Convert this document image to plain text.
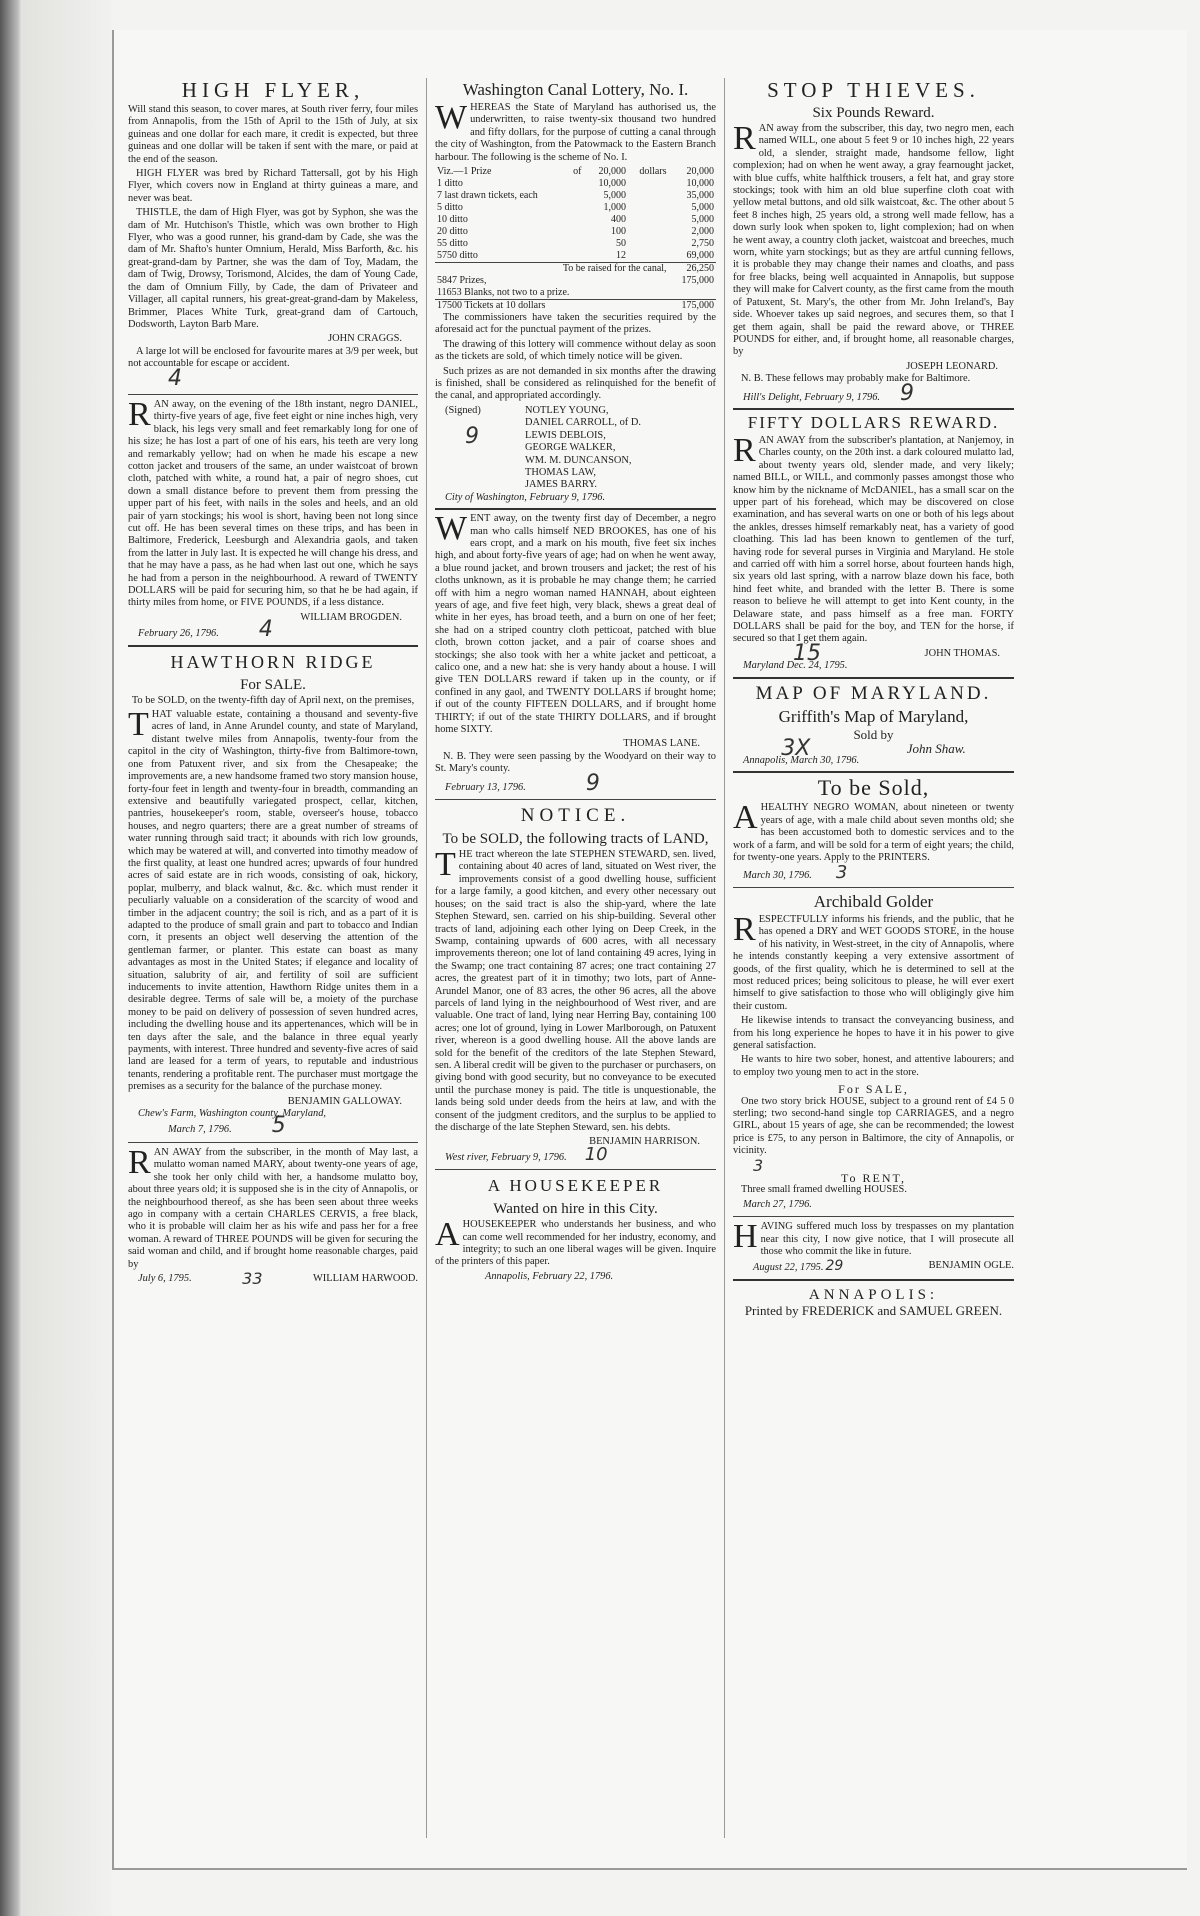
HIGH FLYER,

Will stand this season, to cover mares, at South river ferry, four miles from Annapolis, from the 15th of April to the 15th of July, at six guineas and one dollar for each mare, it credit is expected, but three guineas and one dollar will be taken if sent with the mare, or paid at the end of the season.

HIGH FLYER was bred by Richard Tattersall, got by his High Flyer, which covers now in England at thirty guineas a mare, and never was beat.

THISTLE, the dam of High Flyer, was got by Syphon, she was the dam of Mr. Hutchison's Thistle, which was own brother to High Flyer, who was a good runner, his grand-dam by Cade, she was the dam of Mr. Shafto's hunter Omnium, Herald, Miss Barforth, &c. his great-grand-dam by Partner, she was the dam of Toy, Madam, the dam of Twig, Drowsy, Torismond, Alcides, the dam of Young Cade, the dam of Omnium Filly, by Cade, the dam of Privateer and Villager, all capital runners, his great-great-grand-dam by Makeless, Brimmer, Places White Turk, great-grand dam of Cartouch, Dodsworth, Layton Barb Mare.

JOHN CRAGGS.

A large lot will be enclosed for favourite mares at 3/9 per week, but not accountable for escape or accident.

4

RAN away, on the evening of the 18th instant, negro DANIEL, thirty-five years of age, five feet eight or nine inches high, very black, his legs very small and feet remarkably long for one of his size; he has lost a part of one of his ears, his teeth are very long and remarkably yellow; had on when he made his escape a new cotton jacket and trousers of the same, an under waistcoat of brown cloth, patched with white, a round hat, a pair of negro shoes, cut down a small distance before to prevent them from pressing the upper part of his feet, with nails in the soles and heels, and an old pair of yarn stockings; his wool is short, having been not long since cut off. He has been several times on these trips, and has been in Baltimore, Frederick, Leesburgh and Alexandria gaols, and taken from the latter in July last. It is expected he will change his dress, and that he may have a pass, as he had when last out one, which he says he had from a person in the neighbourhood. A reward of TWENTY DOLLARS will be paid for securing him, so that he be had again, if thirty miles from home, or FIVE POUNDS, if a less distance.

WILLIAM BROGDEN.
February 26, 1796. 4
HAWTHORN RIDGE
For SALE.

To be SOLD, on the twenty-fifth day of April next, on the premises,

THAT valuable estate, containing a thousand and seventy-five acres of land, in Anne Arundel county, and state of Maryland, distant twelve miles from Annapolis, twenty-four from the capitol in the city of Washington, thirty-five from Baltimore-town, one from Patuxent river, and six from the Chesapeake; the improvements are, a new handsome framed two story mansion house, forty-four feet in length and twenty-four in breadth, commanding an extensive and beautifully variegated prospect, cellar, kitchen, pantries, housekeeper's room, stable, overseer's house, tobacco houses, and negro quarters; there are a great number of streams of water running through said tract; it abounds with rich low grounds, which may be watered at will, and converted into timothy meadow of the first quality, at least one hundred acres; upwards of four hundred acres of said estate are in rich woods, consisting of oak, hickory, poplar, mulberry, and black walnut, &c. &c. which must render it peculiarly valuable on a consideration of the scarcity of wood and timber in the adjacent country; the soil is rich, and as a part of it is adapted to the produce of small grain and part to tobacco and Indian corn, it presents an object well deserving the attention of the gentleman farmer, or planter. This estate can boast as many advantages as most in the United States; if elegance and locality of situation, salubrity of air, and fertility of soil are sufficient inducements to invite attention, Hawthorn Ridge unites them in a desirable degree. Terms of sale will be, a moiety of the purchase money to be paid on delivery of possession of seven hundred acres, including the dwelling house and its appertenances, which will be in ten days after the sale, and the balance in three equal yearly payments, with interest. Three hundred and seventy-five acres of said land are leased for a term of years, to reputable and industrious tenants, rendering a profitable rent. The purchaser must mortgage the premises as a security for the balance of the purchase money.

BENJAMIN GALLOWAY.
Chew's Farm, Washington county, Maryland,
March 7, 1796. 5

RAN AWAY from the subscriber, in the month of May last, a mulatto woman named MARY, about twenty-one years of age, she took her only child with her, a handsome mulatto boy, about three years old; it is supposed she is in the city of Annapolis, or the neighbourhood thereof, as she has been seen about three weeks ago in company with a certain CHARLES CERVIS, a free black, who it is probable will claim her as his wife and pass her for a free woman. A reward of THREE POUNDS will be given for securing the said woman and child, and if brought home reasonable charges, paid by

July 6, 1795.	33	WILLIAM HARWOOD.
Washington Canal Lottery, No. I.

WHEREAS the State of Maryland has authorised us, the underwritten, to raise twenty-six thousand two hundred and fifty dollars, for the purpose of cutting a canal through the city of Washington, from the Patowmack to the Eastern Branch harbour. The following is the scheme of No. I.

Viz.—1 Prize	of	20,000	dollars	20,000
1 ditto		10,000		10,000
7 last drawn tickets, each		5,000		35,000
5 ditto		1,000		5,000
10 ditto		400		5,000
20 ditto		100		2,000
55 ditto		50		2,750
5750 ditto		12		69,000
To be raised for the canal,				26,250
5847 Prizes,				175,000
11653 Blanks, not two to a prize.				
17500 Tickets at 10 dollars				175,000

The commissioners have taken the securities required by the aforesaid act for the punctual payment of the prizes.

The drawing of this lottery will commence without delay as soon as the tickets are sold, of which timely notice will be given.

Such prizes as are not demanded in six months after the drawing is finished, shall be considered as relinquished for the benefit of the canal, and appropriated accordingly.

(Signed)
9
NOTLEY YOUNG,
DANIEL CARROLL, of D.
LEWIS DEBLOIS,
GEORGE WALKER,
WM. M. DUNCANSON,
THOMAS LAW,
JAMES BARRY.
City of Washington, February 9, 1796.

WENT away, on the twenty first day of December, a negro man who calls himself NED BROOKES, has one of his ears cropt, and a mark on his mouth, five feet six inches high, and about forty-five years of age; had on when he went away, a blue round jacket, and brown trousers and jacket; the rest of his cloths unknown, as it is probable he may change them; he carried off with him a negro woman named HANNAH, about eighteen years of age, and five feet high, very black, shews a great deal of white in her eyes, has broad teeth, and a burn on one of her feet; she had on a striped country cloth petticoat, patched with blue cloth, brown cotton jacket, and a pair of coarse shoes and stockings; she also took with her a white jacket and petticoat, a calico one, and a new hat: she is very handy about a house. I will give TEN DOLLARS reward if taken up in the county, or if confined in any gaol, and TWENTY DOLLARS if brought home; if out of the county FIFTEEN DOLLARS, and if brought home THIRTY; if out of the state THIRTY DOLLARS, and if brought home SIXTY.

THOMAS LANE.

N. B. They were seen passing by the Woodyard on their way to St. Mary's county.

February 13, 1796.	9
NOTICE.
To be SOLD, the following tracts of LAND,

THE tract whereon the late STEPHEN STEWARD, sen. lived, containing about 40 acres of land, situated on West river, the improvements consist of a good dwelling house, sufficient for a large family, a good kitchen, and every other necessary out houses; on the said tract is also the ship-yard, where the late Stephen Steward, sen. carried on his ship-building. Several other tracts of land, adjoining each other lying on Deep Creek, in the Swamp, containing upwards of 600 acres, with all necessary improvements thereon; one lot of land containing 49 acres, lying in the Swamp; one tract containing 87 acres; one tract containing 27 acres, the greatest part of it in timothy; two lots, part of Anne-Arundel Manor, one of 83 acres, the other 96 acres, all the above parcels of land lying in the neighbourhood of West river, and are valuable. One tract of land, lying near Herring Bay, containing 100 acres; one lot of ground, lying in Lower Marlborough, on Patuxent river, whereon is a good dwelling house. All the above lands are sold for the benefit of the creditors of the late Stephen Steward, sen. A liberal credit will be given to the purchaser or purchasers, on giving bond with good security, but no conveyance to be executed until the purchase money is paid. The title is unquestionable, the lands being sold under deeds from the heirs at law, and with the consent of the judgment creditors, and the surplus to be applied to the discharge of the late Stephen Steward, sen. his debts.

BENJAMIN HARRISON.
West river, February 9, 1796. 10
A HOUSEKEEPER
Wanted on hire in this City.

AHOUSEKEEPER who understands her business, and who can come well recommended for her industry, economy, and integrity; to such an one liberal wages will be given. Inquire of the printers of this paper.

Annapolis, February 22, 1796.
STOP THIEVES.
Six Pounds Reward.

RAN away from the subscriber, this day, two negro men, each named WILL, one about 5 feet 9 or 10 inches high, 22 years old, a slender, straight made, handsome fellow, light complexion; had on when he went away, a gray fearnought jacket, with blue cuffs, white halfthick trousers, a felt hat, and gray store stockings; took with him an old blue superfine cloth coat with yellow metal buttons, and old silk waistcoat, &c. The other about 5 feet 8 inches high, 25 years old, a strong well made fellow, has a down surly look when spoken to, light complexion; had on when he went away, a country cloth jacket, waistcoat and breeches, much worn, white yarn stockings; but as they are artful cunning fellows, it is probable they may change their names and cloaths, and pass for free blacks, being well acquainted in Annapolis, but suppose they will make for Calvert county, as the first came from the mouth of Patuxent, St. Mary's, the other from Mr. John Ireland's, Bay side. Whoever takes up said negroes, and secures them, so that I get them again, shall be paid the reward above, or THREE POUNDS for either, and, if brought home, all reasonable charges, by

JOSEPH LEONARD.

N. B. These fellows may probably make for Baltimore.

Hill's Delight, February 9, 1796. 9
FIFTY DOLLARS REWARD.

RAN AWAY from the subscriber's plantation, at Nanjemoy, in Charles county, on the 20th inst. a dark coloured mulatto lad, about twenty years old, slender made, and very likely; named BILL, or WILL, and commonly passes amongst those who know him by the nickname of McDANIEL, has a small scar on the upper part of his forehead, which may be discovered on close examination, and has several warts on one or both of his legs about the ankles, dresses himself remarkably neat, has a variety of good cloathing. This lad has been known to gentlemen of the turf, having rode for several purses in Virginia and Maryland. He stole and carried off with him a sorrel horse, about fourteen hands high, six years old last spring, with a narrow blaze down his face, both hind feet white, and branded with the letter B. There is some reason to believe he will attempt to get into Kent county, in the Delaware state, and pass himself as a free man. FORTY DOLLARS shall be paid for the boy, and TEN for the horse, if secured so that I get them again.

15	JOHN THOMAS.
Maryland Dec. 24, 1795.
MAP OF MARYLAND.
Griffith's Map of Maryland,
Sold by
3X	John Shaw.
Annapolis, March 30, 1796.
To be Sold,

AHEALTHY NEGRO WOMAN, about nineteen or twenty years of age, with a male child about seven months old; she has been accustomed both to domestic services and to the work of a farm, and will be sold for a term of eight years; the child, for twenty-one years. Apply to the PRINTERS.

March 30, 1796. 3
Archibald Golder

RESPECTFULLY informs his friends, and the public, that he has opened a DRY and WET GOODS STORE, in the house of his nativity, in West-street, in the city of Annapolis, where he intends constantly keeping a very extensive assortment of goods, of the first quality, which he is determined to sell at the most reduced prices; being solicitous to please, he will ever exert himself to give satisfaction to those who will obligingly give him their custom.

He likewise intends to transact the conveyancing business, and from his long experience he hopes to have it in his power to give general satisfaction.

He wants to hire two sober, honest, and attentive labourers; and to employ two young men to act in the store.

For SALE,

One two story brick HOUSE, subject to a ground rent of £4 5 0 sterling; two second-hand single top CARRIAGES, and a negro GIRL, about 15 years of age, she can be recommended; the lowest price is £75, to any person in Baltimore, the city of Annapolis, or vicinity.

3
To RENT,

Three small framed dwelling HOUSES.

March 27, 1796.

HAVING suffered much loss by trespasses on my plantation near this city, I now give notice, that I will prosecute all those who commit the like in future.

August 22, 1795. 29	BENJAMIN OGLE.
ANNAPOLIS:
Printed by FREDERICK and SAMUEL GREEN.
